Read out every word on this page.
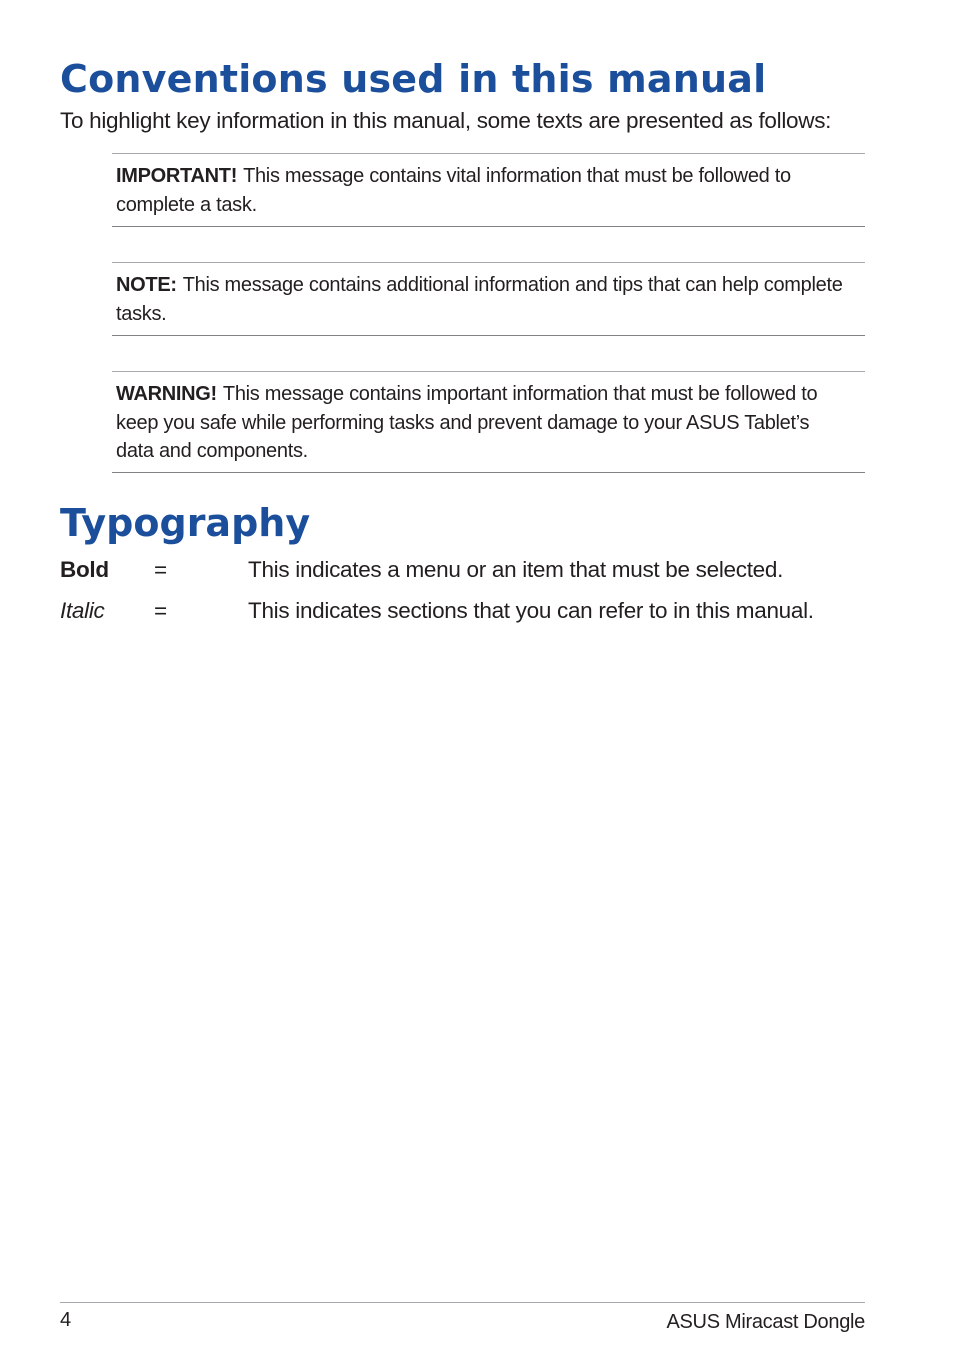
Conventions used in this manual

To highlight key information in this manual, some texts are presented as follows:

IMPORTANT! This message contains vital information that must be followed to complete a task.

NOTE: This message contains additional information and tips that can help complete tasks.

WARNING! This message contains important information that must be followed to keep you safe while performing tasks and prevent damage to your ASUS Tablet’s data and components.

Typography
Bold =	This indicates a menu or an item that must be selected.
Italic =	This indicates sections that you can refer to in this manual.
4	ASUS Miracast Dongle
